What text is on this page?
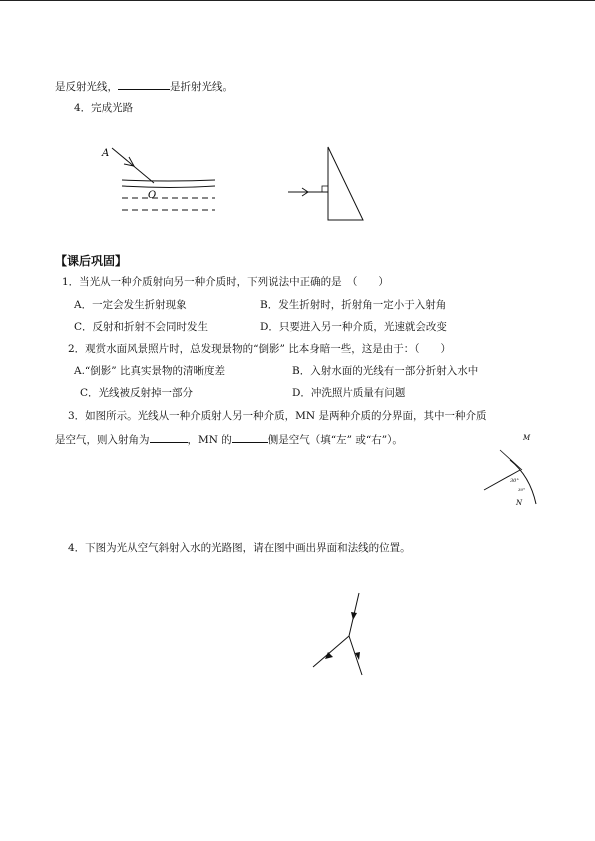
是反射光线，	是折射光线。
4．完成光路
A
O
【课后巩固】
1．当光从一种介质射向另一种介质时，下列说法中正确的是　（　　）
A．一定会发生折射现象	B．发生折射时，折射角一定小于入射角
C．反射和折射不会同时发生	D．只要进入另一种介质，光速就会改变
2．观赏水面风景照片时，总发现景物的“倒影” 比本身暗一些，这是由于：（　　）
A.“倒影” 比真实景物的清晰度差	B．入射水面的光线有一部分折射入水中
C．光线被反射掉一部分	D．冲洗照片质量有问题
3．如图所示。光线从一种介质射人另一种介质，MN 是两种介质的分界面，其中一种介质
是空气，则入射角为	，MN 的	侧是空气（填“左” 或“右”）。	M
30°
30°
N
4．下图为光从空气斜射入水的光路图，请在图中画出界面和法线的位置。
